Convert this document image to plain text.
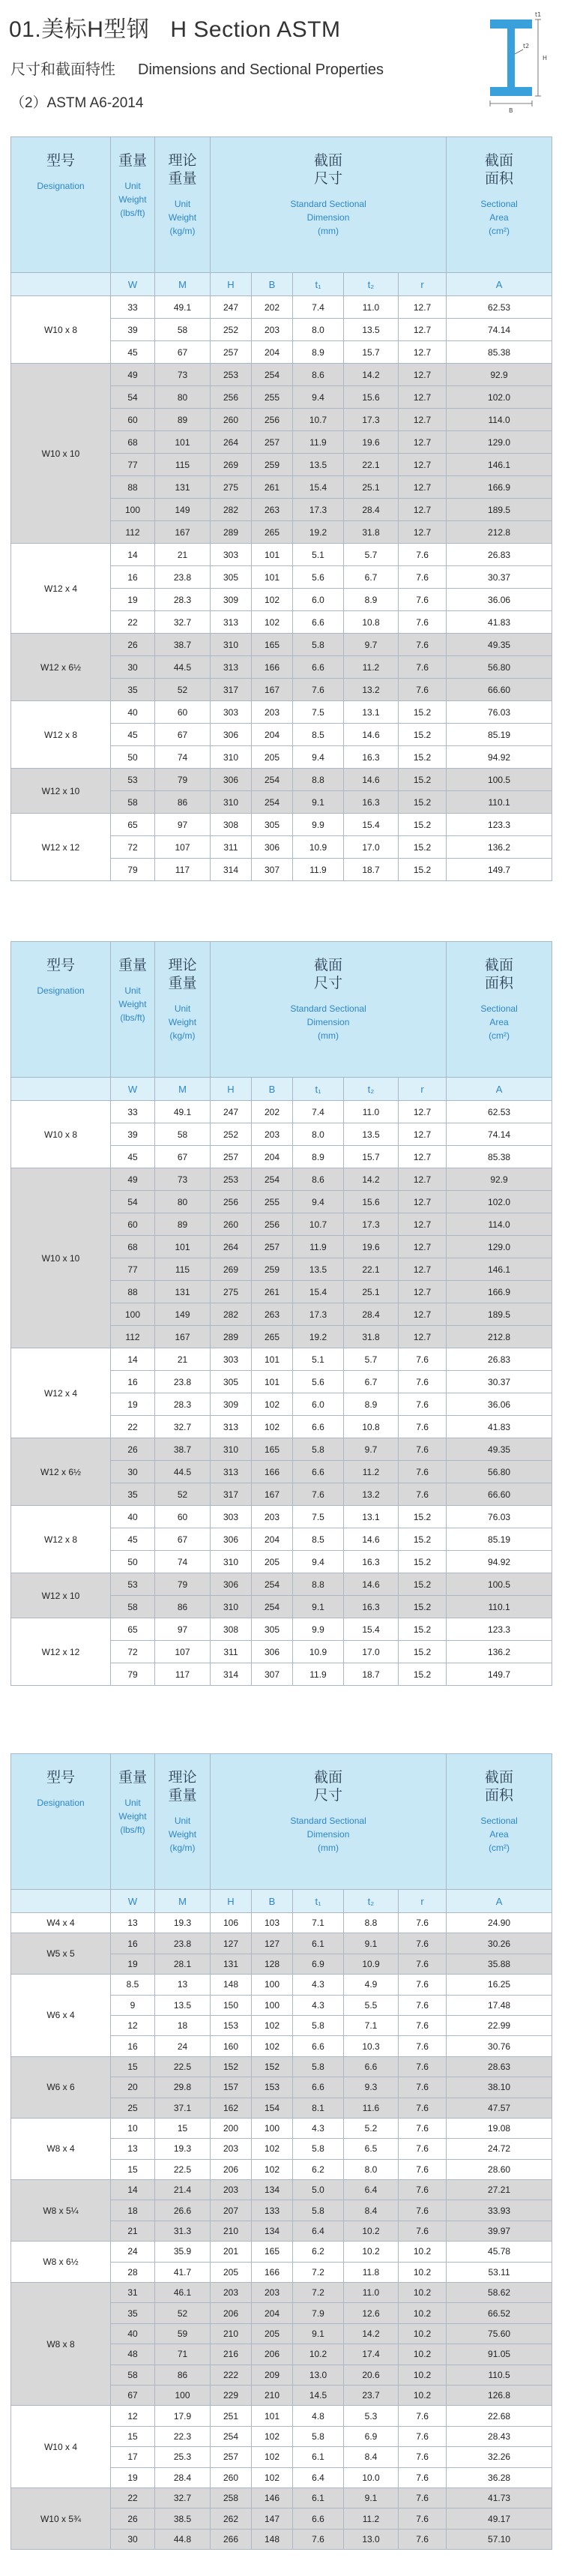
01.美标H型钢 H Section ASTM
尺寸和截面特性 Dimensions and Sectional Properties
（2）ASTM A6-2014
t1
t2
H
B
型号
Designation	重量
Unit
Weight
(lbs/ft)	理论
重量
Unit
Weight
(kg/m)	截面
尺寸
Standard Sectional
Dimension
(mm)					截面
面积
Sectional
Area
(cm²)

	W	M	H	B	t₁	t₂	r	A
W10 x 8	33	49.1	247	202	7.4	11.0	12.7	62.53
	39	58	252	203	8.0	13.5	12.7	74.14
	45	67	257	204	8.9	15.7	12.7	85.38
W10 x 10	49	73	253	254	8.6	14.2	12.7	92.9
	54	80	256	255	9.4	15.6	12.7	102.0
	60	89	260	256	10.7	17.3	12.7	114.0
	68	101	264	257	11.9	19.6	12.7	129.0
	77	115	269	259	13.5	22.1	12.7	146.1
	88	131	275	261	15.4	25.1	12.7	166.9
	100	149	282	263	17.3	28.4	12.7	189.5
	112	167	289	265	19.2	31.8	12.7	212.8
W12 x 4	14	21	303	101	5.1	5.7	7.6	26.83
	16	23.8	305	101	5.6	6.7	7.6	30.37
	19	28.3	309	102	6.0	8.9	7.6	36.06
	22	32.7	313	102	6.6	10.8	7.6	41.83
W12 x 6½	26	38.7	310	165	5.8	9.7	7.6	49.35
	30	44.5	313	166	6.6	11.2	7.6	56.80
	35	52	317	167	7.6	13.2	7.6	66.60
W12 x 8	40	60	303	203	7.5	13.1	15.2	76.03
	45	67	306	204	8.5	14.6	15.2	85.19
	50	74	310	205	9.4	16.3	15.2	94.92
W12 x 10	53	79	306	254	8.8	14.6	15.2	100.5
	58	86	310	254	9.1	16.3	15.2	110.1
W12 x 12	65	97	308	305	9.9	15.4	15.2	123.3
	72	107	311	306	10.9	17.0	15.2	136.2
	79	117	314	307	11.9	18.7	15.2	149.7
型号
Designation	重量
Unit
Weight
(lbs/ft)	理论
重量
Unit
Weight
(kg/m)	截面
尺寸
Standard Sectional
Dimension
(mm)					截面
面积
Sectional
Area
(cm²)

	W	M	H	B	t₁	t₂	r	A
W10 x 8	33	49.1	247	202	7.4	11.0	12.7	62.53
	39	58	252	203	8.0	13.5	12.7	74.14
	45	67	257	204	8.9	15.7	12.7	85.38
W10 x 10	49	73	253	254	8.6	14.2	12.7	92.9
	54	80	256	255	9.4	15.6	12.7	102.0
	60	89	260	256	10.7	17.3	12.7	114.0
	68	101	264	257	11.9	19.6	12.7	129.0
	77	115	269	259	13.5	22.1	12.7	146.1
	88	131	275	261	15.4	25.1	12.7	166.9
	100	149	282	263	17.3	28.4	12.7	189.5
	112	167	289	265	19.2	31.8	12.7	212.8
W12 x 4	14	21	303	101	5.1	5.7	7.6	26.83
	16	23.8	305	101	5.6	6.7	7.6	30.37
	19	28.3	309	102	6.0	8.9	7.6	36.06
	22	32.7	313	102	6.6	10.8	7.6	41.83
W12 x 6½	26	38.7	310	165	5.8	9.7	7.6	49.35
	30	44.5	313	166	6.6	11.2	7.6	56.80
	35	52	317	167	7.6	13.2	7.6	66.60
W12 x 8	40	60	303	203	7.5	13.1	15.2	76.03
	45	67	306	204	8.5	14.6	15.2	85.19
	50	74	310	205	9.4	16.3	15.2	94.92
W12 x 10	53	79	306	254	8.8	14.6	15.2	100.5
	58	86	310	254	9.1	16.3	15.2	110.1
W12 x 12	65	97	308	305	9.9	15.4	15.2	123.3
	72	107	311	306	10.9	17.0	15.2	136.2
	79	117	314	307	11.9	18.7	15.2	149.7
型号
Designation	重量
Unit
Weight
(lbs/ft)	理论
重量
Unit
Weight
(kg/m)	截面
尺寸
Standard Sectional
Dimension
(mm)					截面
面积
Sectional
Area
(cm²)

	W	M	H	B	t₁	t₂	r	A
W4 x 4	13	19.3	106	103	7.1	8.8	7.6	24.90
W5 x 5	16	23.8	127	127	6.1	9.1	7.6	30.26
	19	28.1	131	128	6.9	10.9	7.6	35.88
W6 x 4	8.5	13	148	100	4.3	4.9	7.6	16.25
	9	13.5	150	100	4.3	5.5	7.6	17.48
	12	18	153	102	5.8	7.1	7.6	22.99
	16	24	160	102	6.6	10.3	7.6	30.76
W6 x 6	15	22.5	152	152	5.8	6.6	7.6	28.63
	20	29.8	157	153	6.6	9.3	7.6	38.10
	25	37.1	162	154	8.1	11.6	7.6	47.57
W8 x 4	10	15	200	100	4.3	5.2	7.6	19.08
	13	19.3	203	102	5.8	6.5	7.6	24.72
	15	22.5	206	102	6.2	8.0	7.6	28.60
W8 x 5¼	14	21.4	203	134	5.0	6.4	7.6	27.21
	18	26.6	207	133	5.8	8.4	7.6	33.93
	21	31.3	210	134	6.4	10.2	7.6	39.97
W8 x 6½	24	35.9	201	165	6.2	10.2	10.2	45.78
	28	41.7	205	166	7.2	11.8	10.2	53.11
W8 x 8	31	46.1	203	203	7.2	11.0	10.2	58.62
	35	52	206	204	7.9	12.6	10.2	66.52
	40	59	210	205	9.1	14.2	10.2	75.60
	48	71	216	206	10.2	17.4	10.2	91.05
	58	86	222	209	13.0	20.6	10.2	110.5
	67	100	229	210	14.5	23.7	10.2	126.8
W10 x 4	12	17.9	251	101	4.8	5.3	7.6	22.68
	15	22.3	254	102	5.8	6.9	7.6	28.43
	17	25.3	257	102	6.1	8.4	7.6	32.26
	19	28.4	260	102	6.4	10.0	7.6	36.28
W10 x 5¾	22	32.7	258	146	6.1	9.1	7.6	41.73
	26	38.5	262	147	6.6	11.2	7.6	49.17
	30	44.8	266	148	7.6	13.0	7.6	57.10
